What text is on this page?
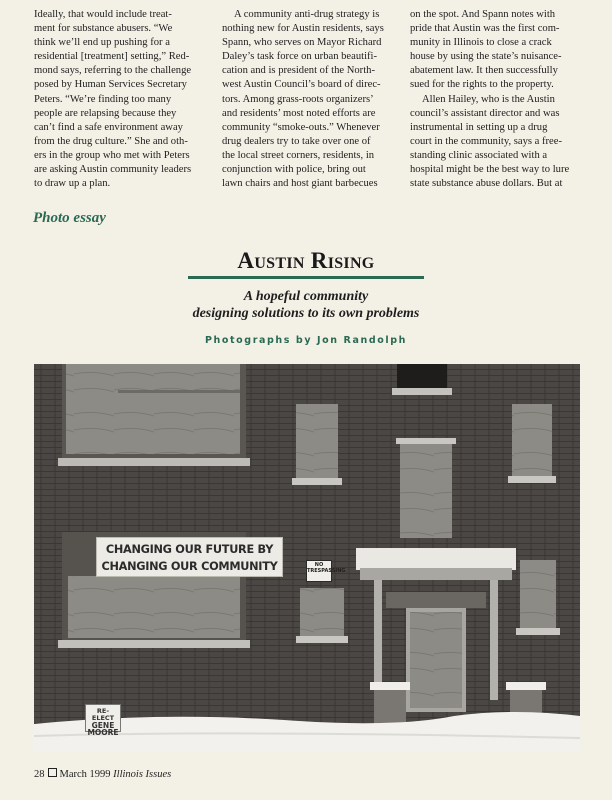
Ideally, that would include treat-

ment for substance abusers. “We

think we’ll end up pushing for a

residential [treatment] setting,” Red-

mond says, referring to the challenge

posed by Human Services Secretary

Peters. “We’re finding too many

people are relapsing because they

can’t find a safe environment away

from the drug culture.” She and oth-

ers in the group who met with Peters

are asking Austin community leaders

to draw up a plan.

A community anti-drug strategy is

nothing new for Austin residents, says

Spann, who serves on Mayor Richard

Daley’s task force on urban beautifi-

cation and is president of the North-

west Austin Council’s board of direc-

tors. Among grass-roots organizers’

and residents’ most noted efforts are

community “smoke-outs.” Whenever

drug dealers try to take over one of

the local street corners, residents, in

conjunction with police, bring out

lawn chairs and host giant barbecues

on the spot. And Spann notes with

pride that Austin was the first com-

munity in Illinois to close a crack

house by using the state’s nuisance-

abatement law. It then successfully

sued for the rights to the property.

Allen Hailey, who is the Austin

council’s assistant director and was

instrumental in setting up a drug

court in the community, says a free-

standing clinic associated with a

hospital might be the best way to lure

state substance abuse dollars. But at

Photo essay
Austin Rising
A hopeful community
designing solutions to its own problems
Photographs by Jon Randolph
CHANGING OUR FUTURE BY
CHANGING OUR COMMUNITY	NO
TRESPASSING
RE-ELECT
GENE
MOORE
28 March 1999 Illinois Issues
